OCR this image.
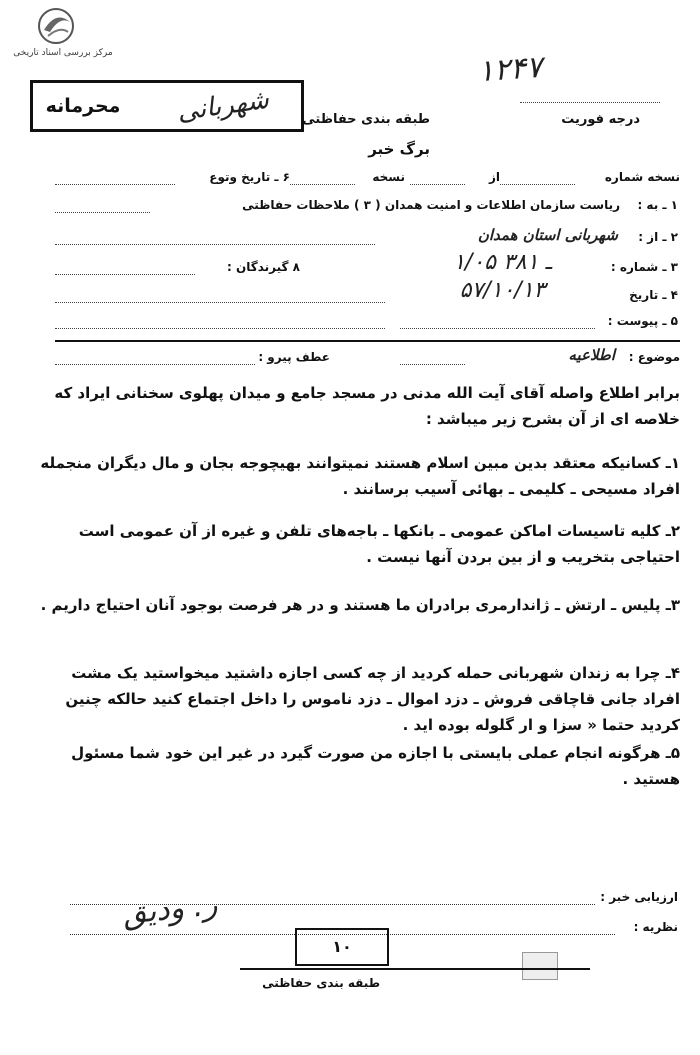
مرکز بررسی اسناد تاریخی	۱۲۴۷
محرمانه	شهربانی	طبقه بندی حفاظتی	درجه فوریت
برگ خبر
نسخه شماره
از
نسخه
۶ ـ تاریخ وتوع
۱ ـ به :
ریاست سازمان اطلاعات و امنیت همدان ( ۳ ) ملاحظات حفاظتی
۲ ـ از :
شهربانی استان همدان
۳ ـ شماره :
۱/۰۵ ـ ۳۸۱
۸ گیرندگان :
۴ ـ تاریخ
۵۷/۱۰/۱۳
۵ ـ پیوست :
موضوع :
اطلاعیه
عطف پیرو :
برابر اطلاع واصله آقای آیت الله مدنی در مسجد جامع و میدان پهلوی سخنانی ایراد که خلاصه ای از آن بشرح زیر میباشد :
۱ـ کسانیکه معتقد بدین مبین اسلام هستند نمیتوانند بهیچوجه بجان و مال دیگران منجمله افراد مسیحی ـ کلیمی ـ بهائی آسیب برسانند .
۲ـ کلیه تاسیسات اماکن عمومی ـ بانکها ـ باجه‌های تلفن و غیره از آن عمومی است احتیاجی بتخریب و از بین بردن آنها نیست .
۳ـ پلیس ـ ارتش ـ ژاندارمری برادران ما هستند و در هر فرصت بوجود آنان احتیاج داریم .
۴ـ چرا به زندان شهربانی حمله کردید از چه کسی اجازه داشتید میخواستید یک مشت افراد جانی قاچاقی فروش ـ دزد اموال ـ دزد ناموس را داخل اجتماع کنید حالکه چنین کردید حتما « سزا و ار گلوله بوده اید .
۵ـ هرگونه انجام عملی بایستی با اجازه من صورت گیرد در غیر این خود شما مسئول هستید .
ارزیابی خبر :
نظریه :
ر. ودیق
۱۰
طبقه بندی حفاظتی
